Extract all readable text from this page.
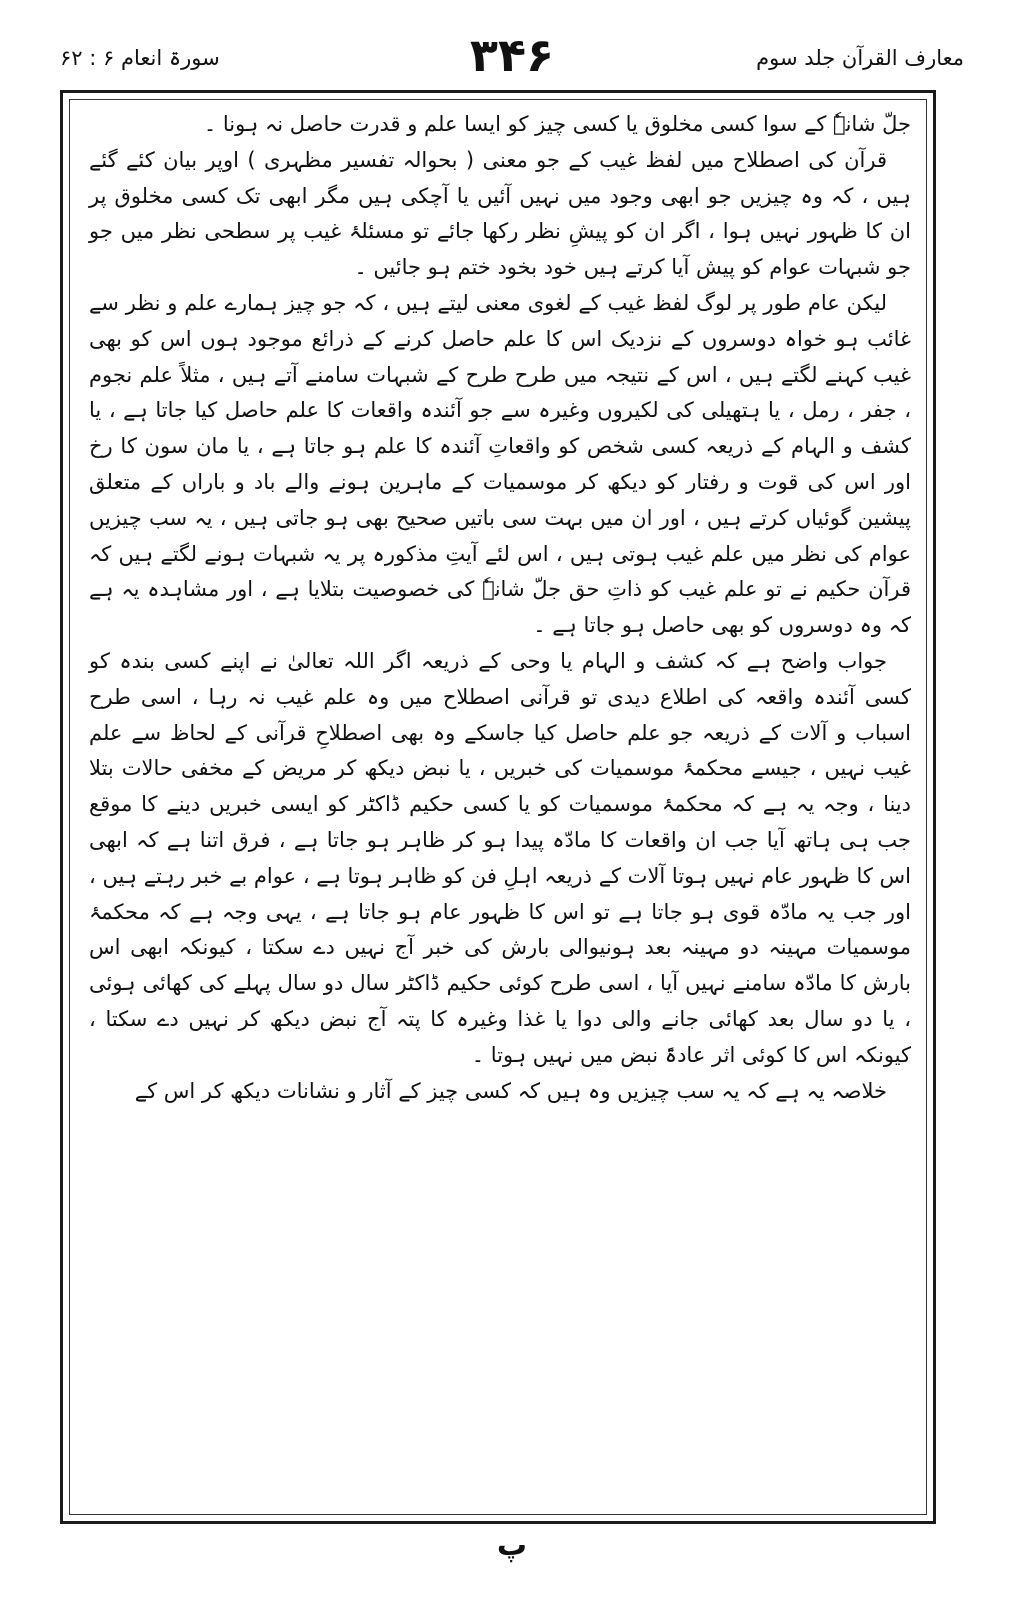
سورۃ انعام ۶ : ۶۲	۳۴۶	معارف القرآن جلد سوم

جلّ شانہٗ کے سوا کسی مخلوق یا کسی چیز کو ایسا علم و قدرت حاصل نہ ہونا ۔

قرآن کی اصطلاح میں لفظ غیب کے جو معنی ( بحوالہ تفسیر مظہری ) اوپر بیان کئے گئے ہیں ، کہ وہ چیزیں جو ابھی وجود میں نہیں آئیں یا آچکی ہیں مگر ابھی تک کسی مخلوق پر ان کا ظہور نہیں ہوا ، اگر ان کو پیشِ نظر رکھا جائے تو مسئلۂ غیب پر سطحی نظر میں جو جو شبہات عوام کو پیش آیا کرتے ہیں خود بخود ختم ہو جائیں ۔

لیکن عام طور پر لوگ لفظ غیب کے لغوی معنی لیتے ہیں ، کہ جو چیز ہمارے علم و نظر سے غائب ہو خواہ دوسروں کے نزدیک اس کا علم حاصل کرنے کے ذرائع موجود ہوں اس کو بھی غیب کہنے لگتے ہیں ، اس کے نتیجہ میں طرح طرح کے شبہات سامنے آتے ہیں ، مثلاً علم نجوم ، جفر ، رمل ، یا ہتھیلی کی لکیروں وغیرہ سے جو آئندہ واقعات کا علم حاصل کیا جاتا ہے ، یا کشف و الہام کے ذریعہ کسی شخص کو واقعاتِ آئندہ کا علم ہو جاتا ہے ، یا مان سون کا رخ اور اس کی قوت و رفتار کو دیکھ کر موسمیات کے ماہرین ہونے والے باد و باراں کے متعلق پیشین گوئیاں کرتے ہیں ، اور ان میں بہت سی باتیں صحیح بھی ہو جاتی ہیں ، یہ سب چیزیں عوام کی نظر میں علم غیب ہوتی ہیں ، اس لئے آیتِ مذکورہ پر یہ شبہات ہونے لگتے ہیں کہ قرآن حکیم نے تو علم غیب کو ذاتِ حق جلّ شانہٗ کی خصوصیت بتلایا ہے ، اور مشاہدہ یہ ہے کہ وہ دوسروں کو بھی حاصل ہو جاتا ہے ۔

جواب واضح ہے کہ کشف و الہام یا وحی کے ذریعہ اگر اللہ تعالیٰ نے اپنے کسی بندہ کو کسی آئندہ واقعہ کی اطلاع دیدی تو قرآنی اصطلاح میں وہ علم غیب نہ رہا ، اسی طرح اسباب و آلات کے ذریعہ جو علم حاصل کیا جاسکے وہ بھی اصطلاحِ قرآنی کے لحاظ سے علم غیب نہیں ، جیسے محکمۂ موسمیات کی خبریں ، یا نبض دیکھ کر مریض کے مخفی حالات بتلا دینا ، وجہ یہ ہے کہ محکمۂ موسمیات کو یا کسی حکیم ڈاکٹر کو ایسی خبریں دینے کا موقع جب ہی ہاتھ آیا جب ان واقعات کا مادّہ پیدا ہو کر ظاہر ہو جاتا ہے ، فرق اتنا ہے کہ ابھی اس کا ظہور عام نہیں ہوتا آلات کے ذریعہ اہلِ فن کو ظاہر ہوتا ہے ، عوام بے خبر رہتے ہیں ، اور جب یہ مادّہ قوی ہو جاتا ہے تو اس کا ظہور عام ہو جاتا ہے ، یہی وجہ ہے کہ محکمۂ موسمیات مہینہ دو مہینہ بعد ہونیوالی بارش کی خبر آج نہیں دے سکتا ، کیونکہ ابھی اس بارش کا مادّہ سامنے نہیں آیا ، اسی طرح کوئی حکیم ڈاکٹر سال دو سال پہلے کی کھائی ہوئی ، یا دو سال بعد کھائی جانے والی دوا یا غذا وغیرہ کا پتہ آج نبض دیکھ کر نہیں دے سکتا ، کیونکہ اس کا کوئی اثر عادۃً نبض میں نہیں ہوتا ۔

خلاصہ یہ ہے کہ یہ سب چیزیں وہ ہیں کہ کسی چیز کے آثار و نشانات دیکھ کر اس کے

پ
